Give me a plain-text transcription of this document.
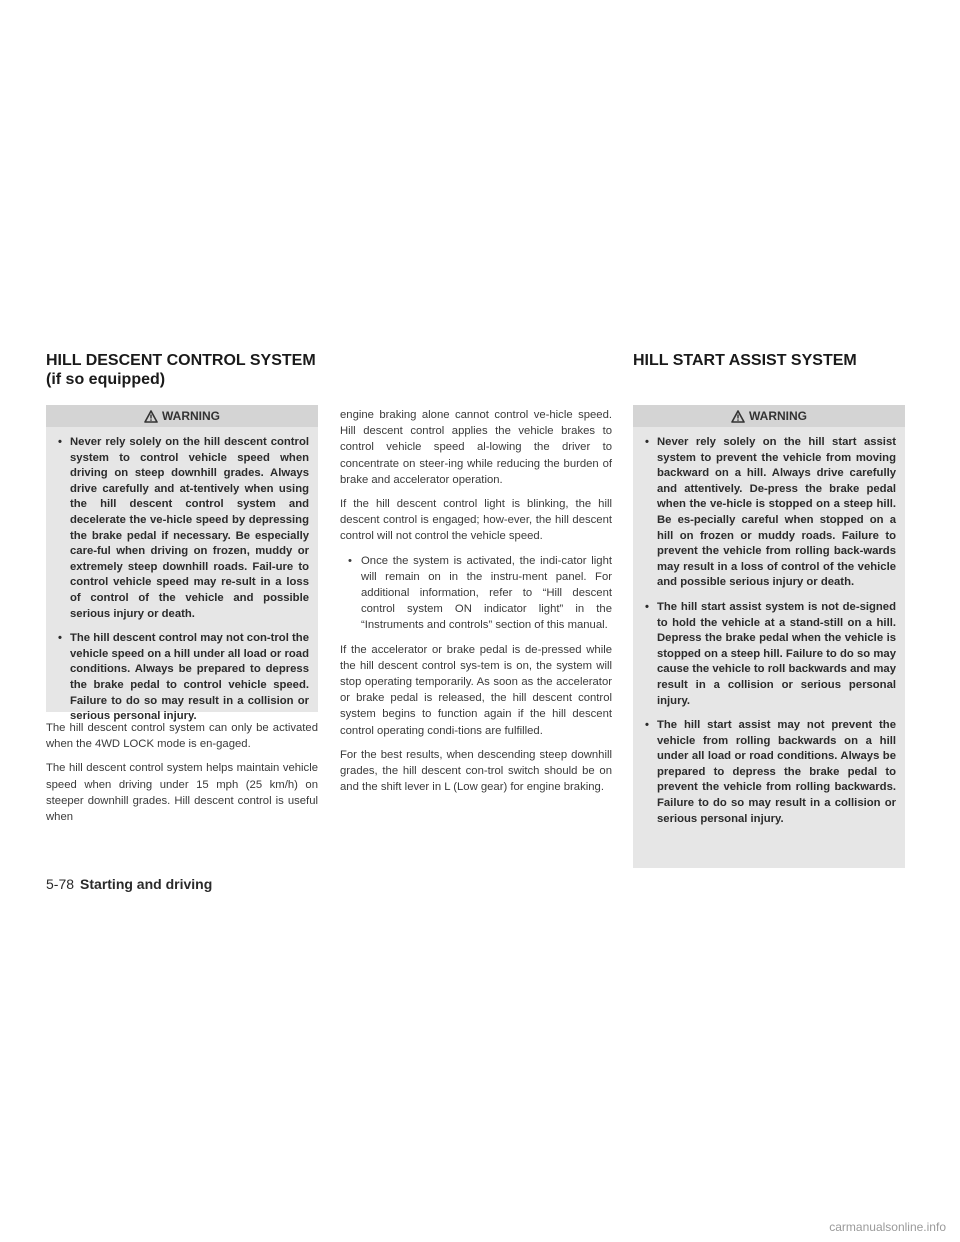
HILL DESCENT CONTROL SYSTEM (if so equipped)
HILL START ASSIST SYSTEM
WARNING
• Never rely solely on the hill descent control system to control vehicle speed when driving on steep downhill grades. Always drive carefully and at-tentively when using the hill descent control system and decelerate the ve-hicle speed by depressing the brake pedal if necessary. Be especially care-ful when driving on frozen, muddy or extremely steep downhill roads. Fail-ure to control vehicle speed may re-sult in a loss of control of the vehicle and possible serious injury or death.
• The hill descent control may not con-trol the vehicle speed on a hill under all load or road conditions. Always be prepared to depress the brake pedal to control vehicle speed. Failure to do so may result in a collision or serious personal injury.

The hill descent control system can only be activated when the 4WD LOCK mode is en-gaged.

The hill descent control system helps maintain vehicle speed when driving under 15 mph (25 km/h) on steeper downhill grades. Hill descent control is useful when

engine braking alone cannot control ve-hicle speed. Hill descent control applies the vehicle brakes to control vehicle speed al-lowing the driver to concentrate on steer-ing while reducing the burden of brake and accelerator operation.

If the hill descent control light is blinking, the hill descent control is engaged; how-ever, the hill descent control will not control the vehicle speed.

• Once the system is activated, the indi-cator light will remain on in the instru-ment panel. For additional information, refer to “Hill descent control system ON indicator light” in the “Instruments and controls” section of this manual.

If the accelerator or brake pedal is de-pressed while the hill descent control sys-tem is on, the system will stop operating temporarily. As soon as the accelerator or brake pedal is released, the hill descent control system begins to function again if the hill descent control operating condi-tions are fulfilled.

For the best results, when descending steep downhill grades, the hill descent con-trol switch should be on and the shift lever in L (Low gear) for engine braking.

WARNING
• Never rely solely on the hill start assist system to prevent the vehicle from moving backward on a hill. Always drive carefully and attentively. De-press the brake pedal when the ve-hicle is stopped on a steep hill. Be es-pecially careful when stopped on a hill on frozen or muddy roads. Failure to prevent the vehicle from rolling back-wards may result in a loss of control of the vehicle and possible serious injury or death.
• The hill start assist system is not de-signed to hold the vehicle at a stand-still on a hill. Depress the brake pedal when the vehicle is stopped on a steep hill. Failure to do so may cause the vehicle to roll backwards and may result in a collision or serious personal injury.
• The hill start assist may not prevent the vehicle from rolling backwards on a hill under all load or road conditions. Always be prepared to depress the brake pedal to prevent the vehicle from rolling backwards. Failure to do so may result in a collision or serious personal injury.
5-78 Starting and driving
carmanualsonline.info
